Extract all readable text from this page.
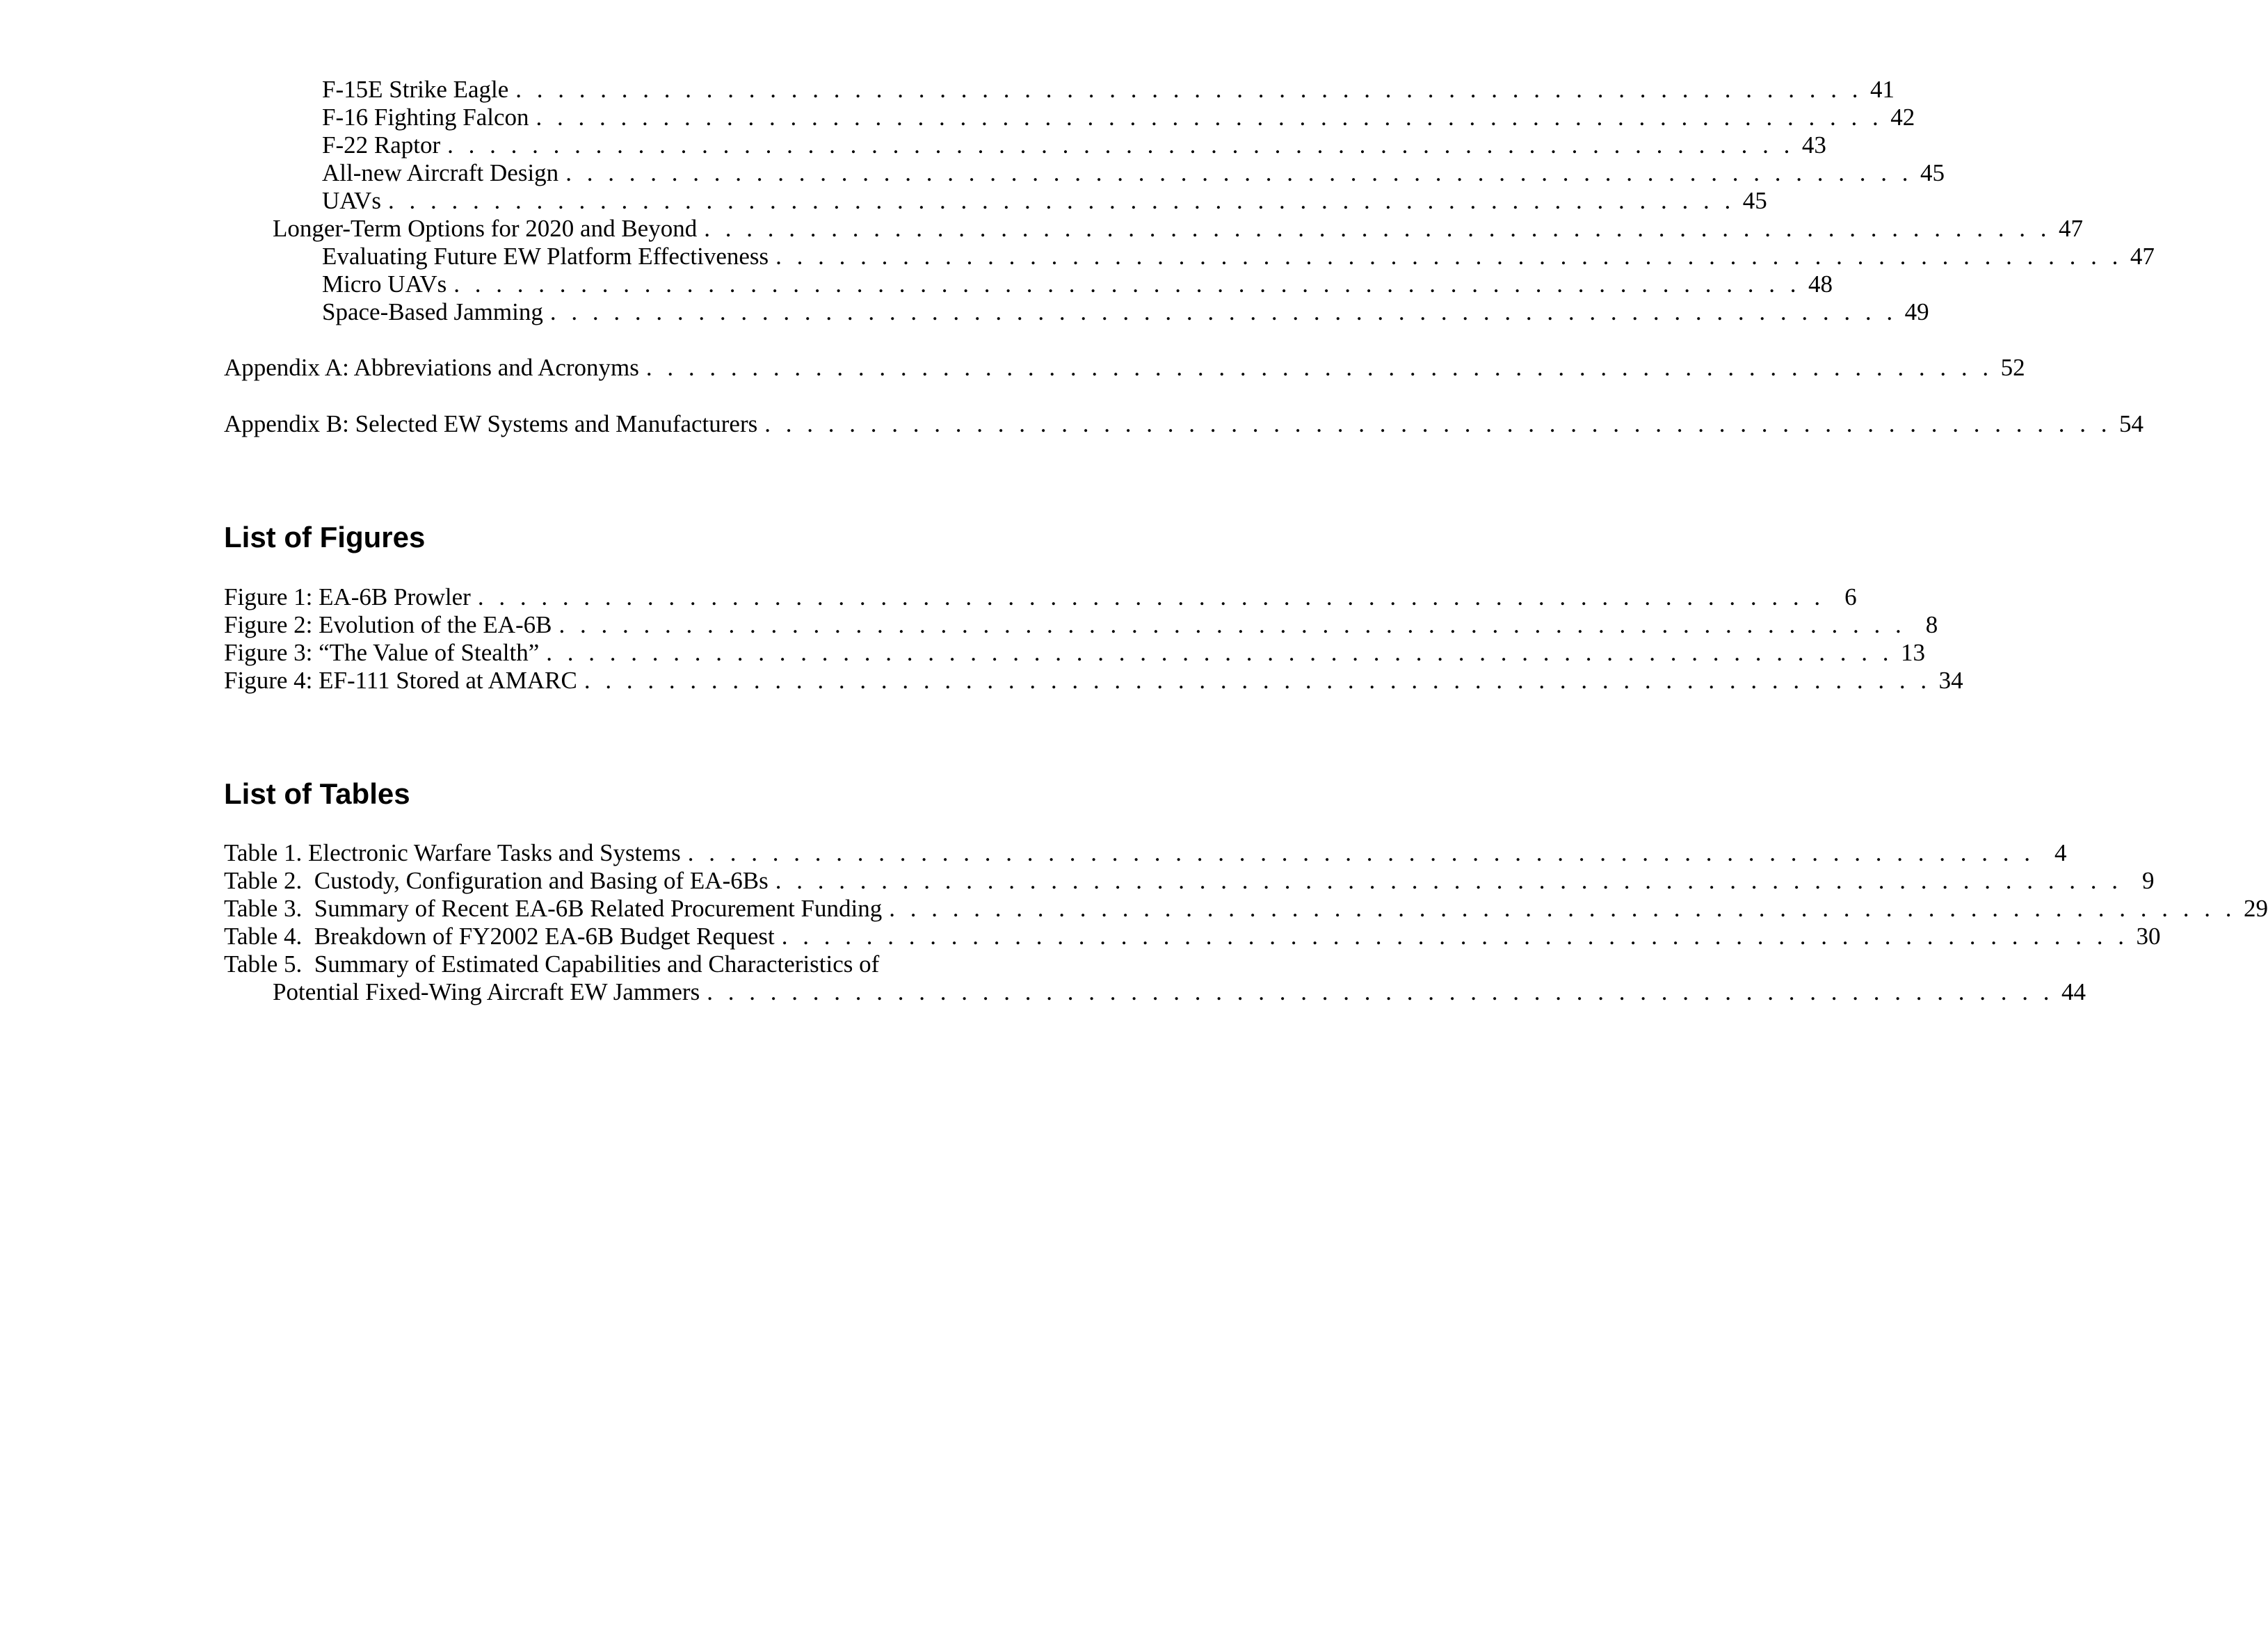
F-15E Strike Eagle . . . . . . . . . . . . . . . . . . . . . . . . . . . . . . . . . . . . . . . . . . . . . . . . . . . . . . . . . . . . . . . . 41
F-16 Fighting Falcon . . . . . . . . . . . . . . . . . . . . . . . . . . . . . . . . . . . . . . . . . . . . . . . . . . . . . . . . . . . . . . . . 42
F-22 Raptor . . . . . . . . . . . . . . . . . . . . . . . . . . . . . . . . . . . . . . . . . . . . . . . . . . . . . . . . . . . . . . . . 43
All-new Aircraft Design . . . . . . . . . . . . . . . . . . . . . . . . . . . . . . . . . . . . . . . . . . . . . . . . . . . . . . . . . . . . . . . . 45
UAVs . . . . . . . . . . . . . . . . . . . . . . . . . . . . . . . . . . . . . . . . . . . . . . . . . . . . . . . . . . . . . . . . 45
Longer-Term Options for 2020 and Beyond . . . . . . . . . . . . . . . . . . . . . . . . . . . . . . . . . . . . . . . . . . . . . . . . . . . . . . . . . . . . . . . . 47
Evaluating Future EW Platform Effectiveness . . . . . . . . . . . . . . . . . . . . . . . . . . . . . . . . . . . . . . . . . . . . . . . . . . . . . . . . . . . . . . . . 47
Micro UAVs . . . . . . . . . . . . . . . . . . . . . . . . . . . . . . . . . . . . . . . . . . . . . . . . . . . . . . . . . . . . . . . . 48
Space-Based Jamming . . . . . . . . . . . . . . . . . . . . . . . . . . . . . . . . . . . . . . . . . . . . . . . . . . . . . . . . . . . . . . . . 49
Appendix A: Abbreviations and Acronyms . . . . . . . . . . . . . . . . . . . . . . . . . . . . . . . . . . . . . . . . . . . . . . . . . . . . . . . . . . . . . . . . 52
Appendix B: Selected EW Systems and Manufacturers . . . . . . . . . . . . . . . . . . . . . . . . . . . . . . . . . . . . . . . . . . . . . . . . . . . . . . . . . . . . . . . . 54
List of Figures
Figure 1: EA-6B Prowler . . . . . . . . . . . . . . . . . . . . . . . . . . . . . . . . . . . . . . . . . . . . . . . . . . . . . . . . . . . . . . . . 6
Figure 2: Evolution of the EA-6B . . . . . . . . . . . . . . . . . . . . . . . . . . . . . . . . . . . . . . . . . . . . . . . . . . . . . . . . . . . . . . . . 8
Figure 3: “The Value of Stealth” . . . . . . . . . . . . . . . . . . . . . . . . . . . . . . . . . . . . . . . . . . . . . . . . . . . . . . . . . . . . . . . . 13
Figure 4: EF-111 Stored at AMARC . . . . . . . . . . . . . . . . . . . . . . . . . . . . . . . . . . . . . . . . . . . . . . . . . . . . . . . . . . . . . . . . 34
List of Tables
Table 1. Electronic Warfare Tasks and Systems . . . . . . . . . . . . . . . . . . . . . . . . . . . . . . . . . . . . . . . . . . . . . . . . . . . . . . . . . . . . . . . . 4
Table 2.  Custody, Configuration and Basing of EA-6Bs . . . . . . . . . . . . . . . . . . . . . . . . . . . . . . . . . . . . . . . . . . . . . . . . . . . . . . . . . . . . . . . . 9
Table 3.  Summary of Recent EA-6B Related Procurement Funding . . . . . . . . . . . . . . . . . . . . . . . . . . . . . . . . . . . . . . . . . . . . . . . . . . . . . . . . . . . . . . . . 29
Table 4.  Breakdown of FY2002 EA-6B Budget Request . . . . . . . . . . . . . . . . . . . . . . . . . . . . . . . . . . . . . . . . . . . . . . . . . . . . . . . . . . . . . . . . 30
Table 5.  Summary of Estimated Capabilities and Characteristics of
Potential Fixed-Wing Aircraft EW Jammers . . . . . . . . . . . . . . . . . . . . . . . . . . . . . . . . . . . . . . . . . . . . . . . . . . . . . . . . . . . . . . . . 44
